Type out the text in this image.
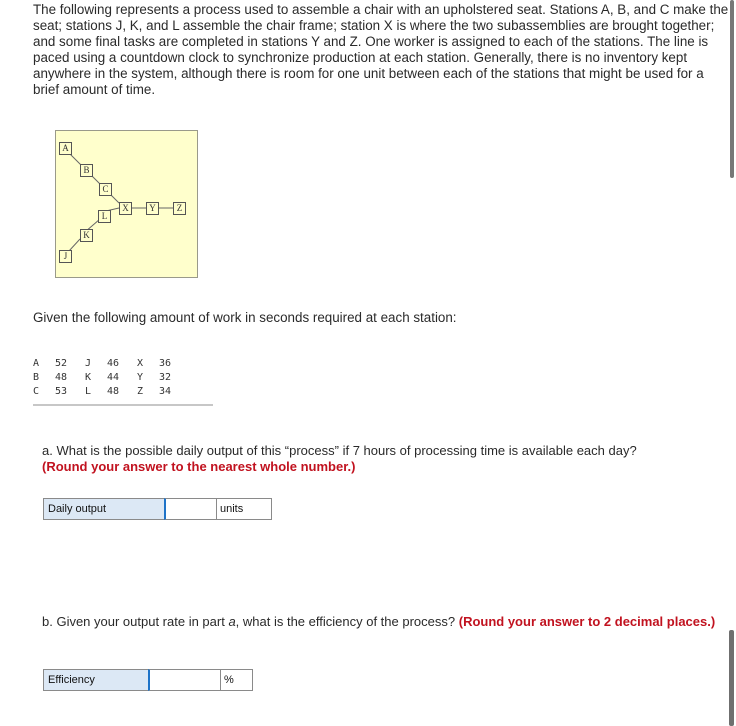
The following represents a process used to assemble a chair with an upholstered seat. Stations A, B, and C make the seat; stations J, K, and L assemble the chair frame; station X is where the two subassemblies are brought together; and some final tasks are completed in stations Y and Z. One worker is assigned to each of the stations. The line is paced using a countdown clock to synchronize production at each station. Generally, there is no inventory kept anywhere in the system, although there is room for one unit between each of the stations that might be used for a brief amount of time.
A
B
C
X	Y	Z
L
K
J
Given the following amount of work in seconds required at each station:
A	52	J	46	X	36
B	48	K	44	Y	32
C	53	L	48	Z	34
a. What is the possible daily output of this “process” if 7 hours of processing time is available each day?
(Round your answer to the nearest whole number.)
Daily output	units
b. Given your output rate in part a, what is the efficiency of the process? (Round your answer to 2 decimal places.)
Efficiency	%
